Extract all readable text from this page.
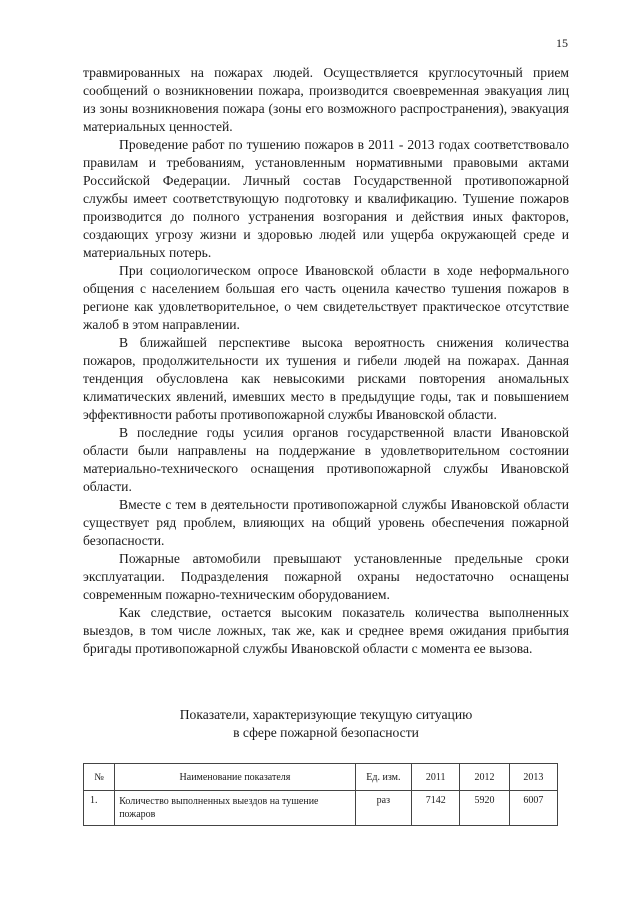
15

травмированных на пожарах людей. Осуществляется круглосуточный прием сообщений о возникновении пожара, производится своевременная эвакуация лиц из зоны возникновения пожара (зоны его возможного распространения), эвакуация материальных ценностей.

Проведение работ по тушению пожаров в 2011 - 2013 годах соответствовало правилам и требованиям, установленным нормативными правовыми актами Российской Федерации. Личный состав Государственной противопожарной службы имеет соответствующую подготовку и квалификацию. Тушение пожаров производится до полного устранения возгорания и действия иных факторов, создающих угрозу жизни и здоровью людей или ущерба окружающей среде и материальных потерь.

При социологическом опросе Ивановской области в ходе неформального общения с населением большая его часть оценила качество тушения пожаров в регионе как удовлетворительное, о чем свидетельствует практическое отсутствие жалоб в этом направлении.

В ближайшей перспективе высока вероятность снижения количества пожаров, продолжительности их тушения и гибели людей на пожарах. Данная тенденция обусловлена как невысокими рисками повторения аномальных климатических явлений, имевших место в предыдущие годы, так и повышением эффективности работы противопожарной службы Ивановской области.

В последние годы усилия органов государственной власти Ивановской области были направлены на поддержание в удовлетворительном состоянии материально-технического оснащения противопожарной службы Ивановской области.

Вместе с тем в деятельности противопожарной службы Ивановской области существует ряд проблем, влияющих на общий уровень обеспечения пожарной безопасности.

Пожарные автомобили превышают установленные предельные сроки эксплуатации. Подразделения пожарной охраны недостаточно оснащены современным пожарно-техническим оборудованием.

Как следствие, остается высоким показатель количества выполненных выездов, в том числе ложных, так же, как и среднее время ожидания прибытия бригады противопожарной службы Ивановской области с момента ее вызова.

Показатели, характеризующие текущую ситуацию
в сфере пожарной безопасности
№	Наименование показателя	Ед. изм.	2011	2012	2013
1.	Количество выполненных выездов на тушение пожаров	раз	7142	5920	6007
